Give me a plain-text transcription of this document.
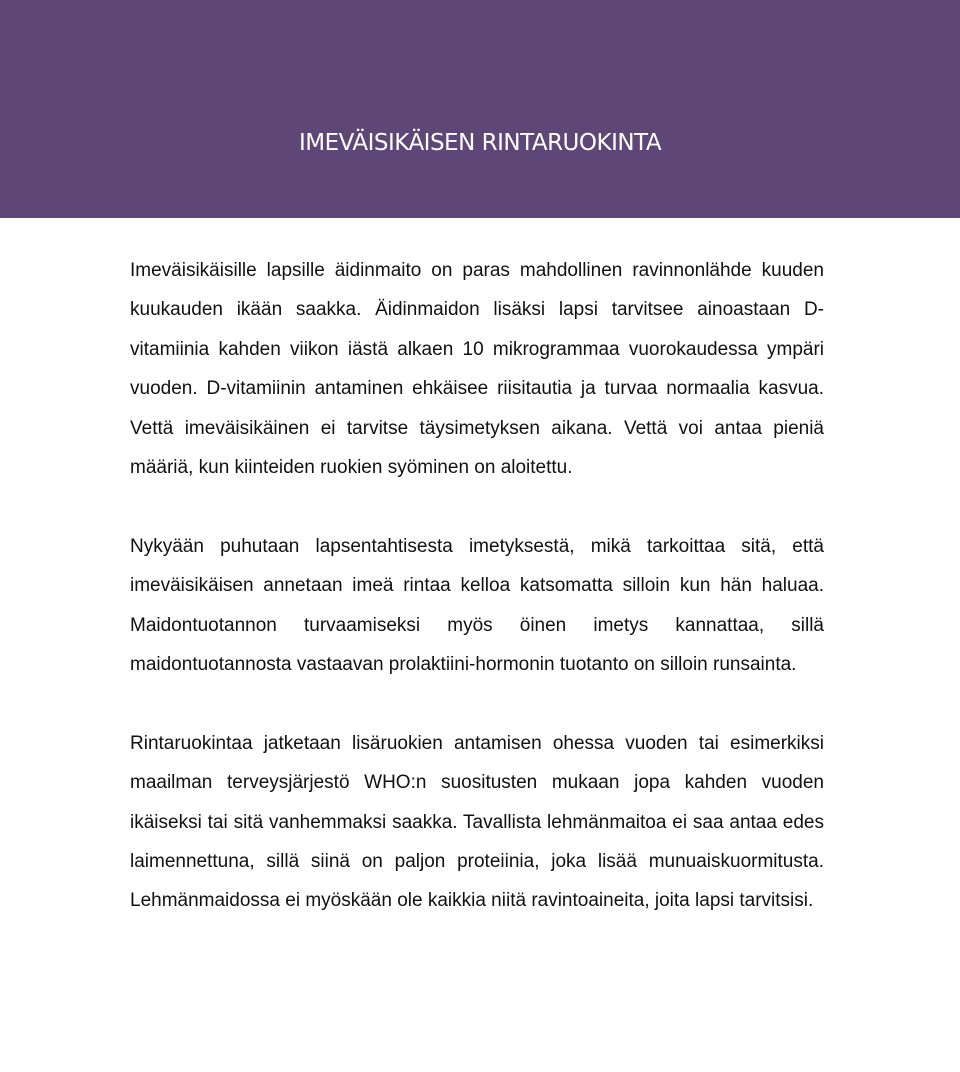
IMEVÄISIKÄISEN RINTARUOKINTA

Imeväisikäisille lapsille äidinmaito on paras mahdollinen ravinnonlähde kuuden kuukauden ikään saakka. Äidinmaidon lisäksi lapsi tarvitsee ainoastaan D-vitamiinia kahden viikon iästä alkaen 10 mikrogrammaa vuorokaudessa ympäri vuoden. D-vitamiinin antaminen ehkäisee riisitautia ja turvaa normaalia kasvua. Vettä imeväisikäinen ei tarvitse täysimetyksen aikana. Vettä voi antaa pieniä määriä, kun kiinteiden ruokien syöminen on aloitettu.

Nykyään puhutaan lapsentahtisesta imetyksestä, mikä tarkoittaa sitä, että imeväisikäisen annetaan imeä rintaa kelloa katsomatta silloin kun hän haluaa. Maidontuotannon turvaamiseksi myös öinen imetys kannattaa, sillä maidontuotannosta vastaavan prolaktiini-hormonin tuotanto on silloin runsainta.

Rintaruokintaa jatketaan lisäruokien antamisen ohessa vuoden tai esimerkiksi maailman terveysjärjestö WHO:n suositusten mukaan jopa kahden vuoden ikäiseksi tai sitä vanhemmaksi saakka. Tavallista lehmänmaitoa ei saa antaa edes laimennettuna, sillä siinä on paljon proteiinia, joka lisää munuaiskuormitusta. Lehmänmaidossa ei myöskään ole kaikkia niitä ravintoaineita, joita lapsi tarvitsisi.
